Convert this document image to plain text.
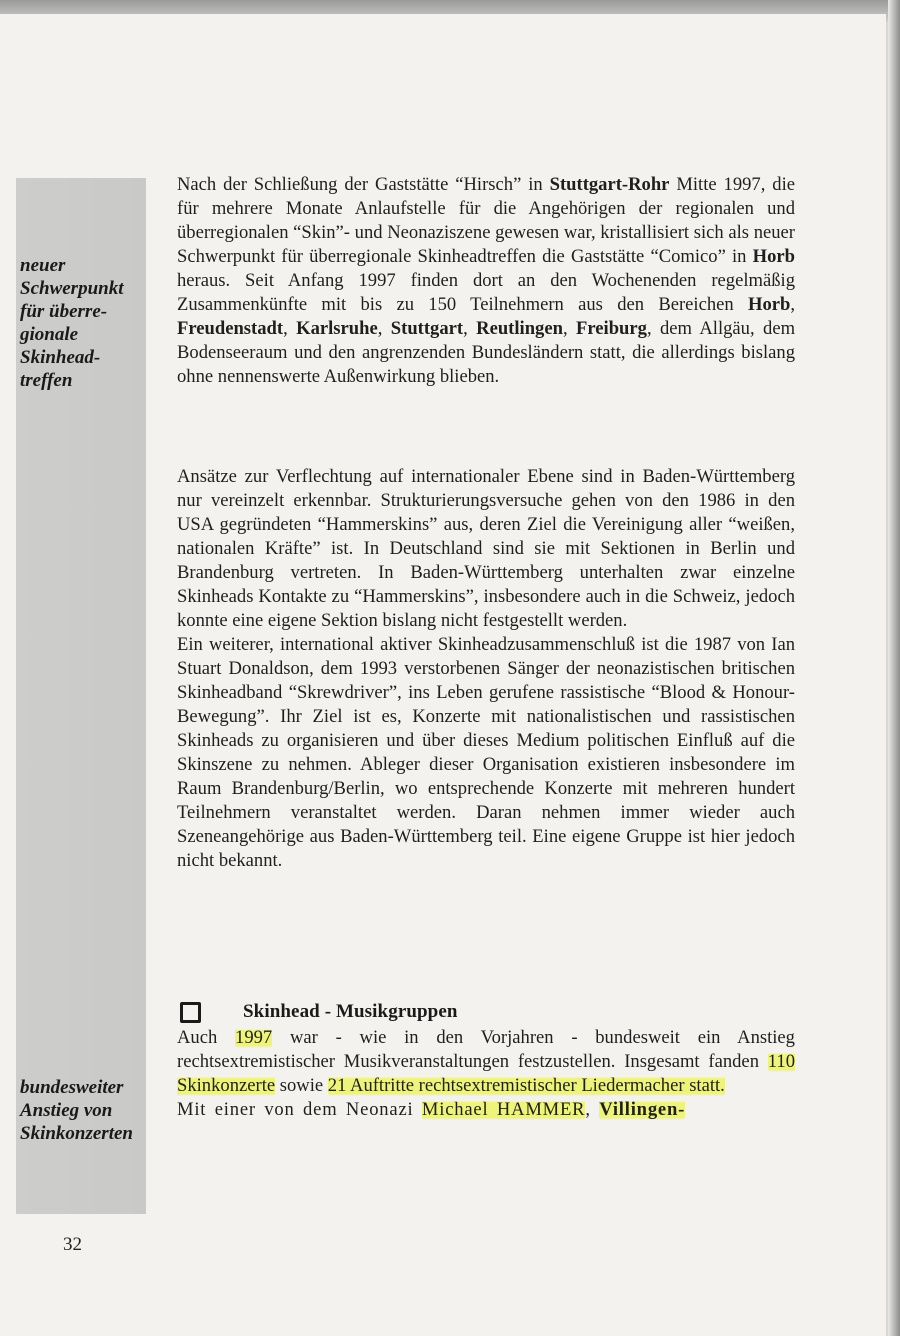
neuer
Schwerpunkt
für überre-
gionale
Skinhead-
treffen
bundesweiter
Anstieg von
Skinkonzerten

Nach der Schließung der Gaststätte “Hirsch” in Stuttgart-Rohr Mitte 1997, die für mehrere Monate Anlaufstelle für die Angehörigen der regionalen und überregionalen “Skin”- und Neonaziszene gewesen war, kristallisiert sich als neuer Schwerpunkt für überregionale Skinheadtreffen die Gaststätte “Comico” in Horb heraus. Seit Anfang 1997 finden dort an den Wochenenden regelmäßig Zusammenkünfte mit bis zu 150 Teilnehmern aus den Bereichen Horb, Freudenstadt, Karlsruhe, Stuttgart, Reutlingen, Freiburg, dem Allgäu, dem Bodenseeraum und den angrenzenden Bundesländern statt, die allerdings bislang ohne nennenswerte Außenwirkung blieben.

Ansätze zur Verflechtung auf internationaler Ebene sind in Baden-Württemberg nur vereinzelt erkennbar. Strukturierungsversuche gehen von den 1986 in den USA gegründeten “Hammerskins” aus, deren Ziel die Vereinigung aller “weißen, nationalen Kräfte” ist. In Deutschland sind sie mit Sektionen in Berlin und Brandenburg vertreten. In Baden-Württemberg unterhalten zwar einzelne Skinheads Kontakte zu “Hammerskins”, insbesondere auch in die Schweiz, jedoch konnte eine eigene Sektion bislang nicht festgestellt werden.

Ein weiterer, international aktiver Skinheadzusammenschluß ist die 1987 von Ian Stuart Donaldson, dem 1993 verstorbenen Sänger der neonazistischen britischen Skinheadband “Skrewdriver”, ins Leben gerufene rassistische “Blood & Honour-Bewegung”. Ihr Ziel ist es, Konzerte mit nationalistischen und rassistischen Skinheads zu organisieren und über dieses Medium politischen Einfluß auf die Skinszene zu nehmen. Ableger dieser Organisation existieren insbesondere im Raum Brandenburg/Berlin, wo entsprechende Konzerte mit mehreren hundert Teilnehmern veranstaltet werden. Daran nehmen immer wieder auch Szeneangehörige aus Baden-Württemberg teil. Eine eigene Gruppe ist hier jedoch nicht bekannt.

Skinhead - Musikgruppen

Auch 1997 war - wie in den Vorjahren - bundesweit ein Anstieg rechtsextremistischer Musikveranstaltungen festzustellen. Insgesamt fanden 110 Skinkonzerte sowie 21 Auftritte rechtsextremistischer Liedermacher statt.

Mit einer von dem Neonazi Michael HAMMER, Villingen-

32
